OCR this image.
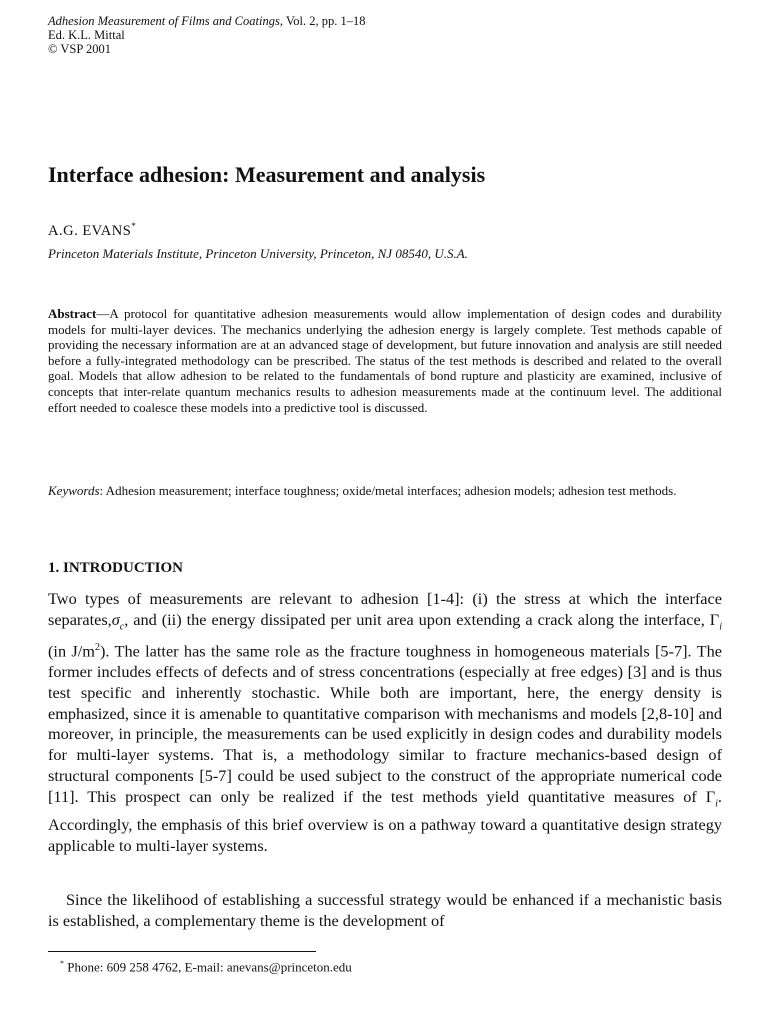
Adhesion Measurement of Films and Coatings, Vol. 2, pp. 1–18
Ed. K.L. Mittal
© VSP 2001
Interface adhesion: Measurement and analysis
A.G. EVANS*
Princeton Materials Institute, Princeton University, Princeton, NJ 08540, U.S.A.
Abstract—A protocol for quantitative adhesion measurements would allow implementation of design codes and durability models for multi-layer devices. The mechanics underlying the adhesion energy is largely complete. Test methods capable of providing the necessary information are at an advanced stage of development, but future innovation and analysis are still needed before a fully-integrated methodology can be prescribed. The status of the test methods is described and related to the overall goal. Models that allow adhesion to be related to the fundamentals of bond rupture and plasticity are examined, inclusive of concepts that inter-relate quantum mechanics results to adhesion measurements made at the continuum level. The additional effort needed to coalesce these models into a predictive tool is discussed.
Keywords: Adhesion measurement; interface toughness; oxide/metal interfaces; adhesion models; adhesion test methods.
1. INTRODUCTION
Two types of measurements are relevant to adhesion [1-4]: (i) the stress at which the interface $separates,\sigma_c$, and (ii) the energy dissipated per unit area upon extending a crack along the interface, $\Gamma_i$ (in $J/m^2$). The latter has the same role as the fracture toughness in homogeneous materials [5-7]. The former includes effects of defects and of stress concentrations (especially at free edges) [3] and is thus test specific and inherently stochastic. While both are important, here, the energy density is emphasized, since it is amenable to quantitative comparison with mechanisms and models [2,8-10] and moreover, in principle, the measurements can be used explicitly in design codes and durability models for multi-layer systems. That is, a methodology similar to fracture mechanics-based design of structural components [5-7] could be used subject to the construct of the appropriate numerical code [11]. This prospect can only be realized if the test methods yield quantitative measures of $\Gamma_i$. Accordingly, the emphasis of this brief overview is on a pathway toward a quantitative design strategy applicable to multi-layer systems.
Since the likelihood of establishing a successful strategy would be enhanced if a mechanistic basis is established, a complementary theme is the development of
* Phone: 609 258 4762, E-mail: anevans@princeton.edu
